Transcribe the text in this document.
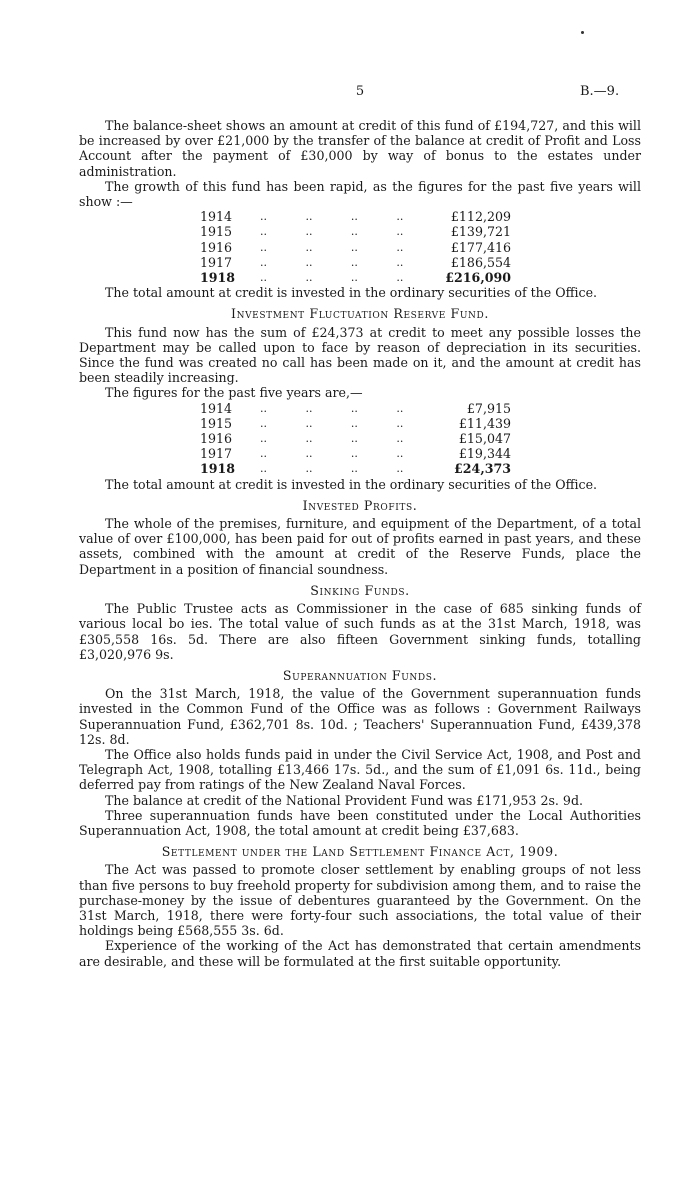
5	B.—9.

The balance-sheet shows an amount at credit of this fund of £194,727, and this will be increased by over £21,000 by the transfer of the balance at credit of Profit and Loss Account after the payment of £30,000 by way of bonus to the estates under administration.

The growth of this fund has been rapid, as the figures for the past five years will show :—

1914	..           ..           ..           ..	£112,209
1915	..           ..           ..           ..	£139,721
1916	..           ..           ..           ..	£177,416
1917	..           ..           ..           ..	£186,554
1918	..           ..           ..           ..	£216,090

The total amount at credit is invested in the ordinary securities of the Office.

Investment Fluctuation Reserve Fund.

This fund now has the sum of £24,373 at credit to meet any possible losses the Department may be called upon to face by reason of depreciation in its securities. Since the fund was created no call has been made on it, and the amount at credit has been steadily increasing.

The figures for the past five years are,—

1914	..           ..           ..           ..	£7,915
1915	..           ..           ..           ..	£11,439
1916	..           ..           ..           ..	£15,047
1917	..           ..           ..           ..	£19,344
1918	..           ..           ..           ..	£24,373

The total amount at credit is invested in the ordinary securities of the Office.

Invested Profits.

The whole of the premises, furniture, and equipment of the Department, of a total value of over £100,000, has been paid for out of profits earned in past years, and these assets, combined with the amount at credit of the Reserve Funds, place the Department in a position of financial soundness.

Sinking Funds.

The Public Trustee acts as Commissioner in the case of 685 sinking funds of various local bo ies. The total value of such funds as at the 31st March, 1918, was £305,558 16s. 5d. There are also fifteen Government sinking funds, totalling £3,020,976 9s.

Superannuation Funds.

On the 31st March, 1918, the value of the Government superannuation funds invested in the Common Fund of the Office was as follows : Government Railways Superannuation Fund, £362,701 8s. 10d. ; Teachers' Superannuation Fund, £439,378 12s. 8d.

The Office also holds funds paid in under the Civil Service Act, 1908, and Post and Telegraph Act, 1908, totalling £13,466 17s. 5d., and the sum of £1,091 6s. 11d., being deferred pay from ratings of the New Zealand Naval Forces.

The balance at credit of the National Provident Fund was £171,953 2s. 9d.

Three superannuation funds have been constituted under the Local Authorities Superannuation Act, 1908, the total amount at credit being £37,683.

Settlement under the Land Settlement Finance Act, 1909.

The Act was passed to promote closer settlement by enabling groups of not less than five persons to buy freehold property for subdivision among them, and to raise the purchase-money by the issue of debentures guaranteed by the Government. On the 31st March, 1918, there were forty-four such associations, the total value of their holdings being £568,555 3s. 6d.

Experience of the working of the Act has demonstrated that certain amendments are desirable, and these will be formulated at the first suitable opportunity.
